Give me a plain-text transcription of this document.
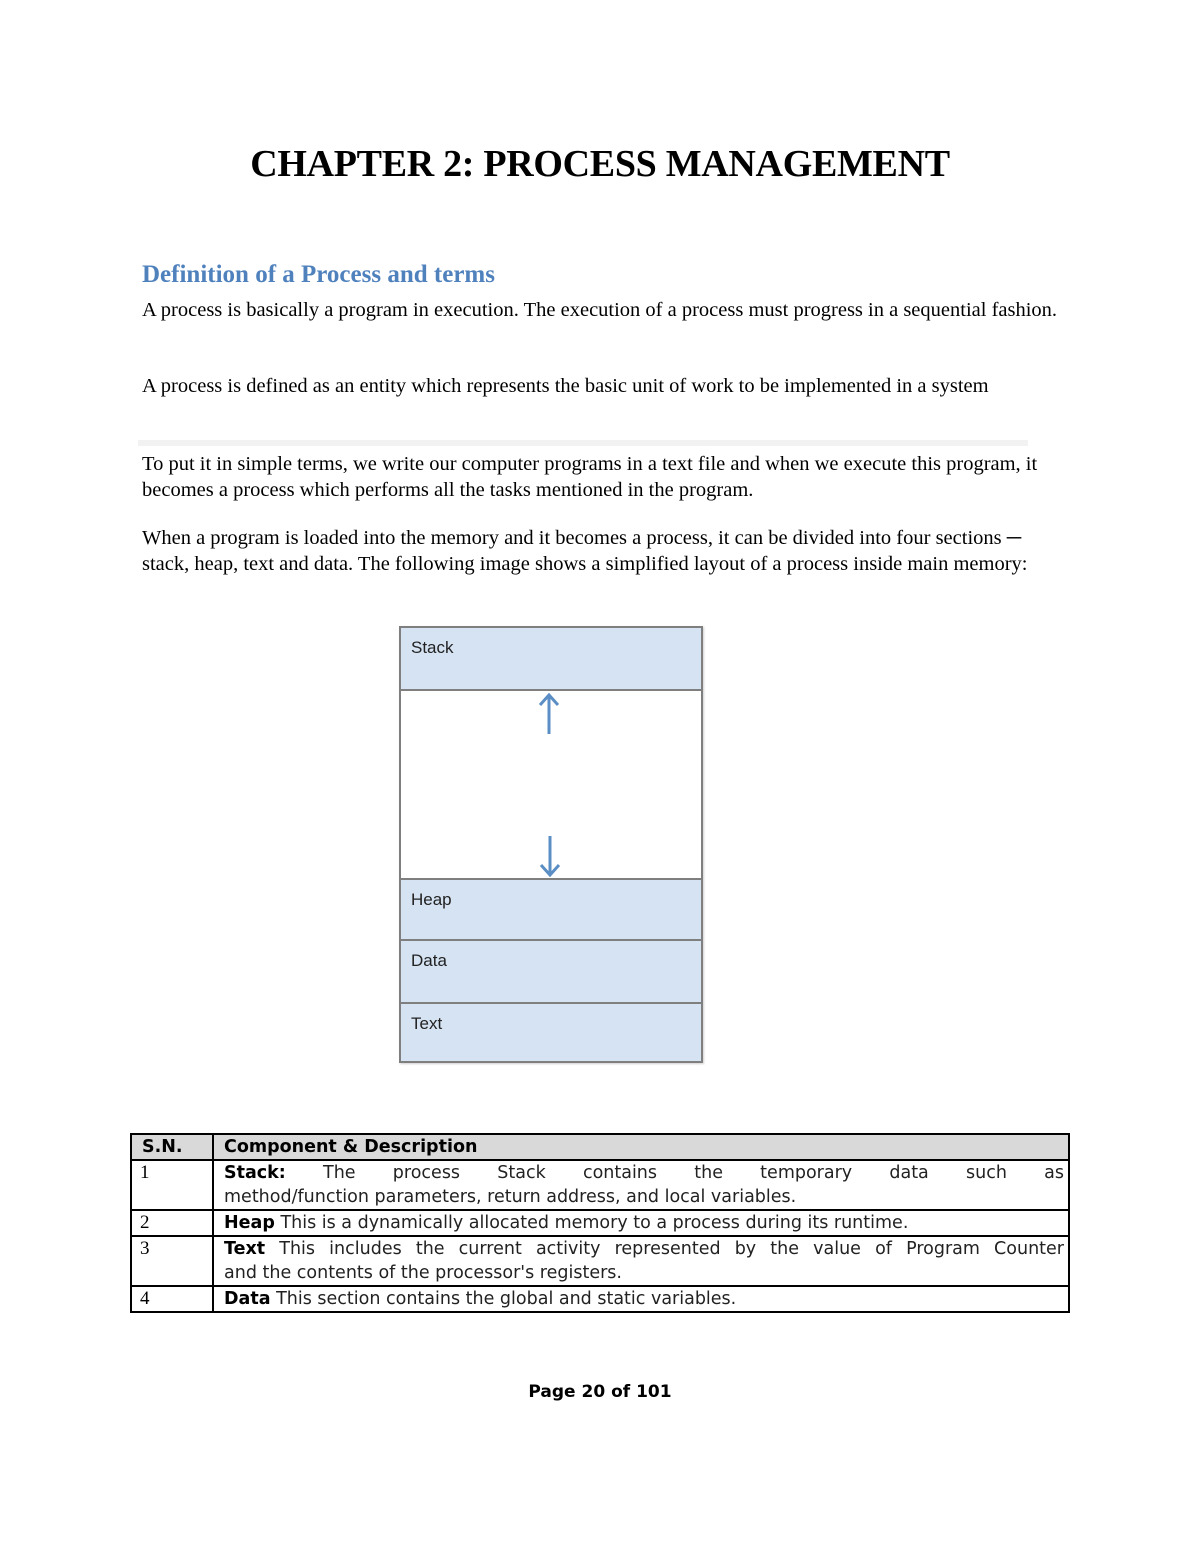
CHAPTER 2: PROCESS MANAGEMENT
Definition of a Process and terms

A process is basically a program in execution. The execution of a process must progress in a sequential fashion.

A process is defined as an entity which represents the basic unit of work to be implemented in a system

To put it in simple terms, we write our computer programs in a text file and when we execute this program, it becomes a process which performs all the tasks mentioned in the program.

When a program is loaded into the memory and it becomes a process, it can be divided into four sections ─ stack, heap, text and data. The following image shows a simplified layout of a process inside main memory:

Stack
Heap
Data
Text
S.N.	Component & Description
1	Stack: The process Stack contains the temporary data such as
method/function parameters, return address, and local variables.
2	Heap This is a dynamically allocated memory to a process during its runtime.
3	Text This includes the current activity represented by the value of Program Counter
and the contents of the processor's registers.
4	Data This section contains the global and static variables.

Page 20 of 101
